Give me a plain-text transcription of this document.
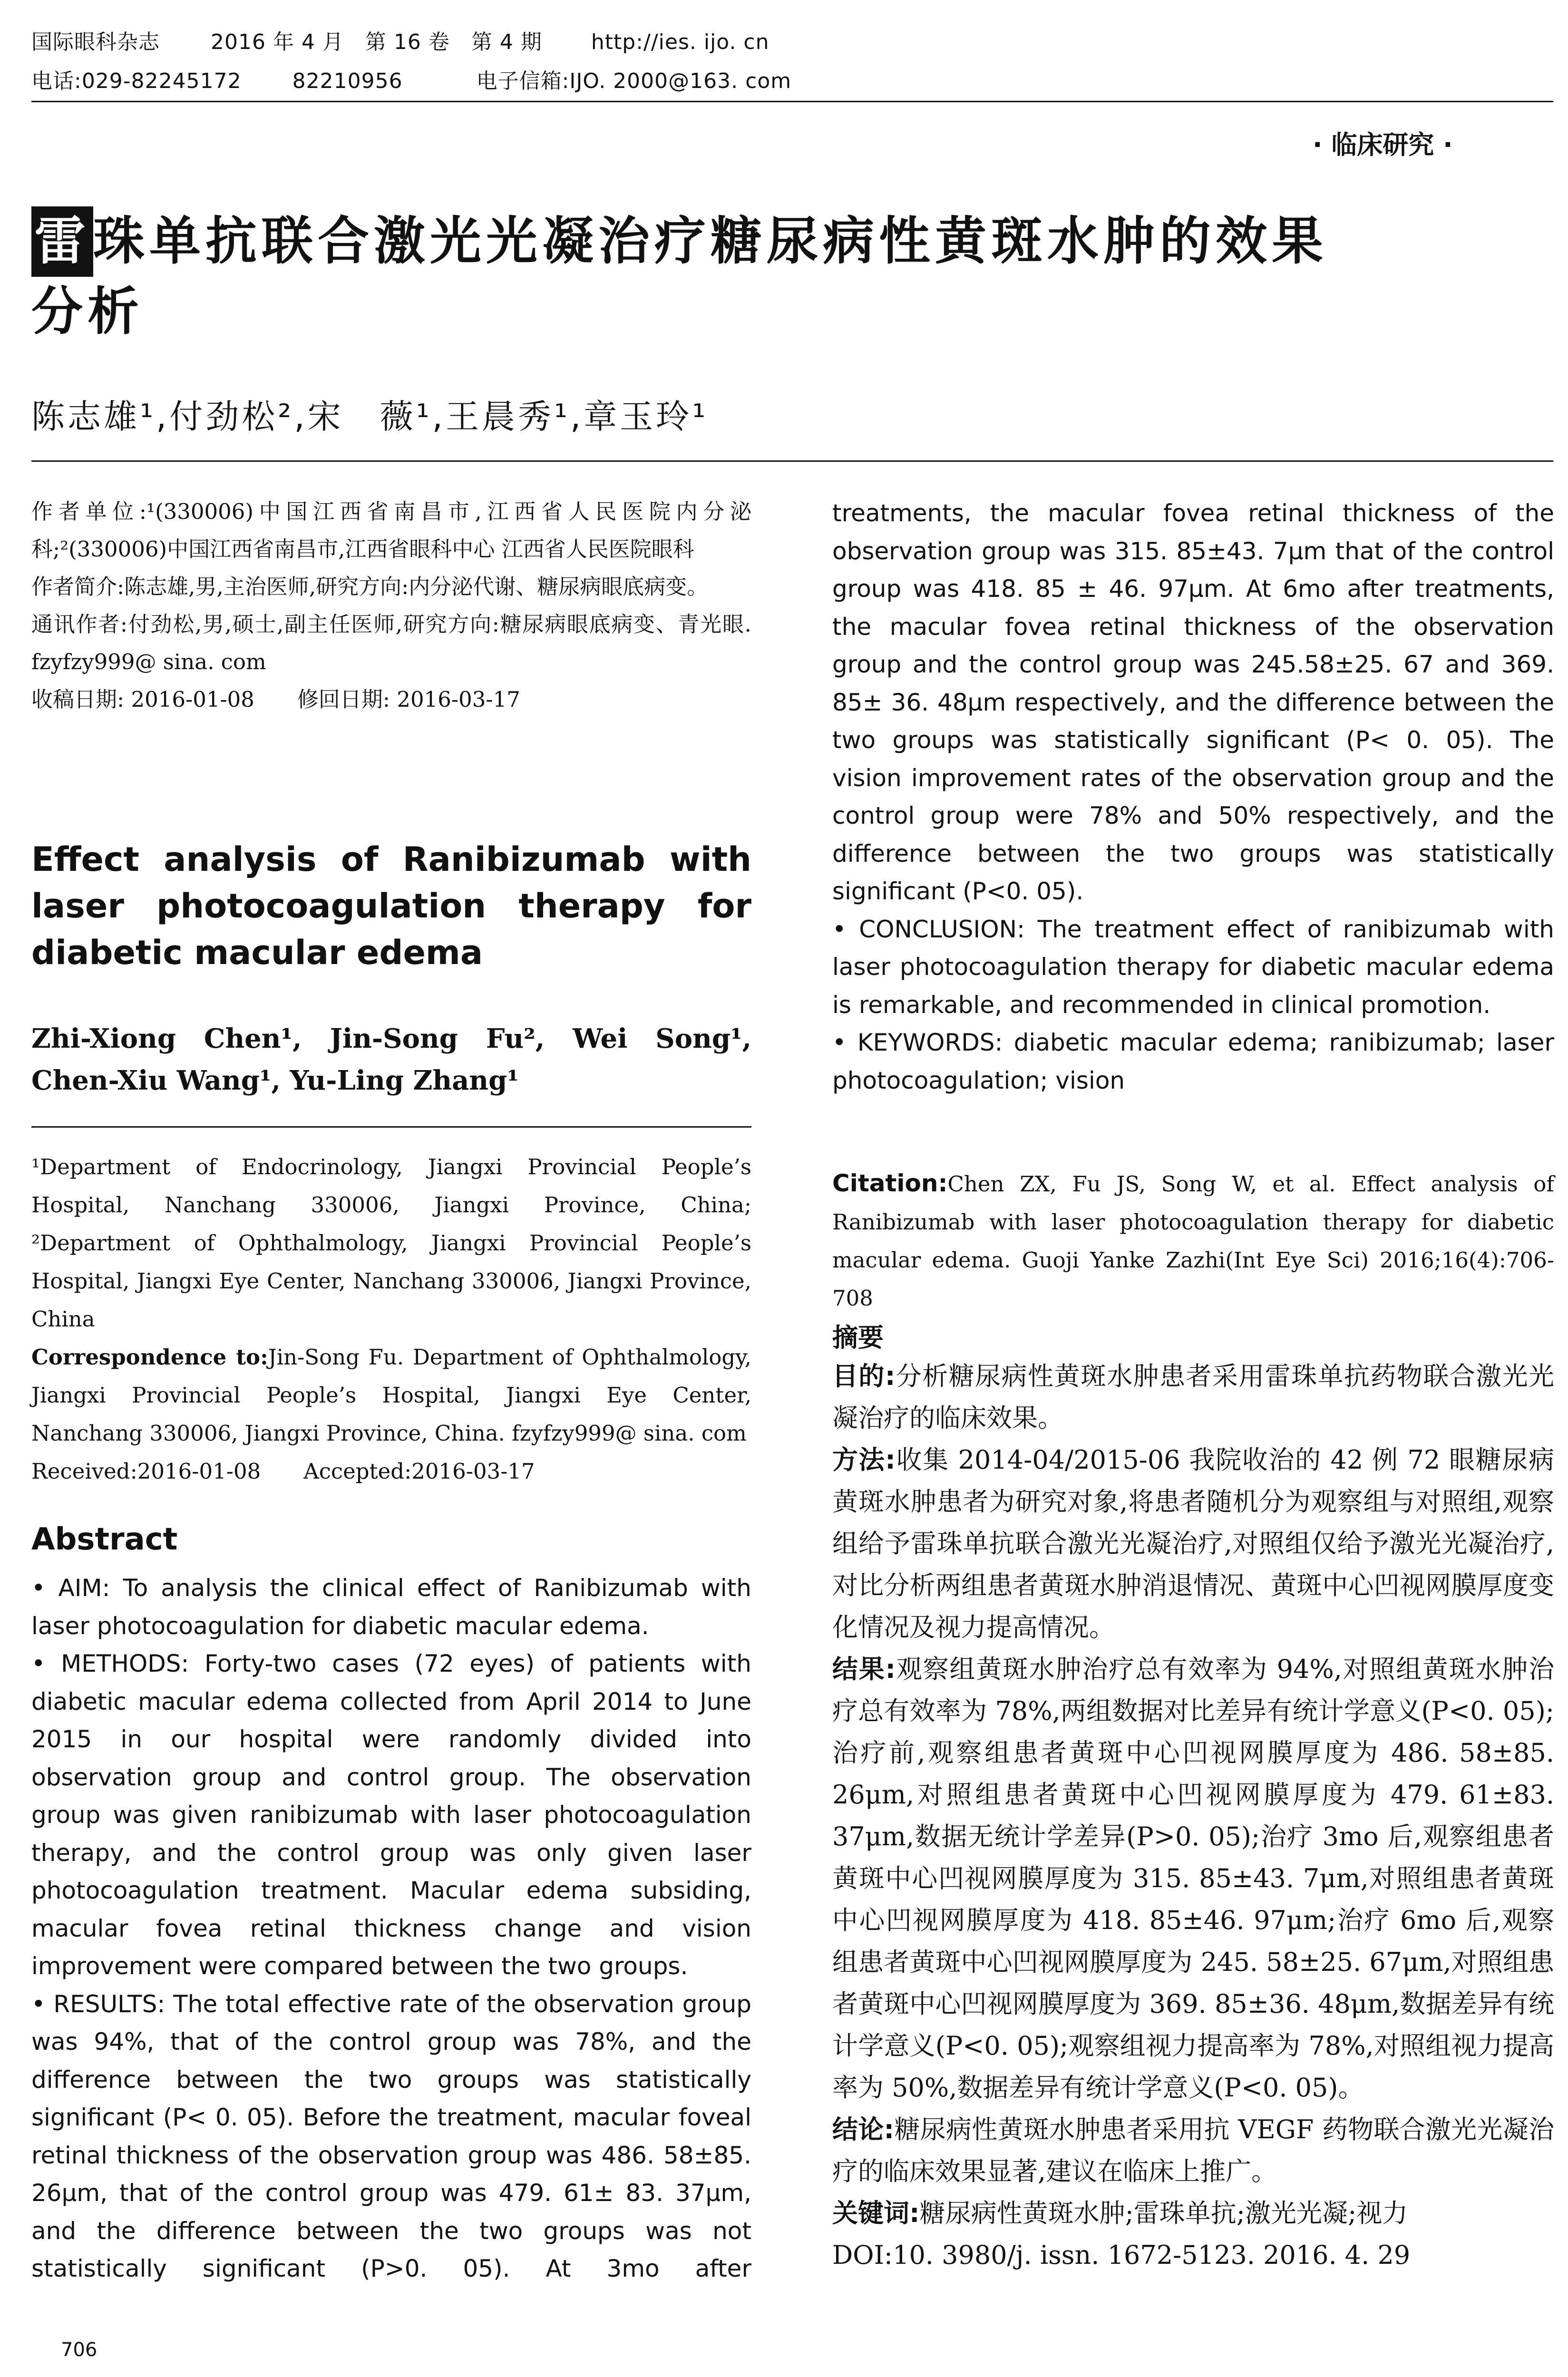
国际眼科杂志 2016 年 4 月　第 16 卷　第 4 期 http://ies. ijo. cn
电话:029-82245172 82210956	电子信箱:IJO. 2000@163. com
· 临床研究 ·
雷珠单抗联合激光光凝治疗糖尿病性黄斑水肿的效果
分析
陈志雄¹,付劲松²,宋　薇¹,王晨秀¹,章玉玲¹

作者单位:¹(330006)中国江西省南昌市,江西省人民医院内分泌科;²(330006)中国江西省南昌市,江西省眼科中心 江西省人民医院眼科

作者简介:陈志雄,男,主治医师,研究方向:内分泌代谢、糖尿病眼底病变。

通讯作者:付劲松,男,硕士,副主任医师,研究方向:糖尿病眼底病变、青光眼. fzyfzy999@ sina. com

收稿日期: 2016-01-08　　修回日期: 2016-03-17

Effect analysis of Ranibizumab with laser photocoagulation therapy for diabetic macular edema
Zhi-Xiong Chen¹, Jin-Song Fu², Wei Song¹, Chen-Xiu Wang¹, Yu-Ling Zhang¹
¹Department of Endocrinology, Jiangxi Provincial People’s Hospital, Nanchang 330006, Jiangxi Province, China; ²Department of Ophthalmology, Jiangxi Provincial People’s Hospital, Jiangxi Eye Center, Nanchang 330006, Jiangxi Province, China
Correspondence to:Jin-Song Fu. Department of Ophthalmology, Jiangxi Provincial People’s Hospital, Jiangxi Eye Center, Nanchang 330006, Jiangxi Province, China. fzyfzy999@ sina. com
Received:2016-01-08　　Accepted:2016-03-17
Abstract

• AIM: To analysis the clinical effect of Ranibizumab with laser photocoagulation for diabetic macular edema.

• METHODS: Forty-two cases (72 eyes) of patients with diabetic macular edema collected from April 2014 to June 2015 in our hospital were randomly divided into observation group and control group. The observation group was given ranibizumab with laser photocoagulation therapy, and the control group was only given laser photocoagulation treatment. Macular edema subsiding, macular fovea retinal thickness change and vision improvement were compared between the two groups.

• RESULTS: The total effective rate of the observation group was 94%, that of the control group was 78%, and the difference between the two groups was statistically significant (P< 0. 05). Before the treatment, macular foveal retinal thickness of the observation group was 486. 58±85. 26μm, that of the control group was 479. 61± 83. 37μm, and the difference between the two groups was not statistically significant (P>0. 05). At 3mo after

706

treatments, the macular fovea retinal thickness of the observation group was 315. 85±43. 7μm that of the control group was 418. 85 ± 46. 97μm. At 6mo after treatments, the macular fovea retinal thickness of the observation group and the control group was 245.58±25. 67 and 369. 85± 36. 48μm respectively, and the difference between the two groups was statistically significant (P< 0. 05). The vision improvement rates of the observation group and the control group were 78% and 50% respectively, and the difference between the two groups was statistically significant (P<0. 05).

• CONCLUSION: The treatment effect of ranibizumab with laser photocoagulation therapy for diabetic macular edema is remarkable, and recommended in clinical promotion.

• KEYWORDS: diabetic macular edema; ranibizumab; laser photocoagulation; vision

Citation:Chen ZX, Fu JS, Song W, et al. Effect analysis of Ranibizumab with laser photocoagulation therapy for diabetic macular edema. Guoji Yanke Zazhi(Int Eye Sci) 2016;16(4):706-708
摘要

目的:分析糖尿病性黄斑水肿患者采用雷珠单抗药物联合激光光凝治疗的临床效果。

方法:收集 2014-04/2015-06 我院收治的 42 例 72 眼糖尿病黄斑水肿患者为研究对象,将患者随机分为观察组与对照组,观察组给予雷珠单抗联合激光光凝治疗,对照组仅给予激光光凝治疗,对比分析两组患者黄斑水肿消退情况、黄斑中心凹视网膜厚度变化情况及视力提高情况。

结果:观察组黄斑水肿治疗总有效率为 94%,对照组黄斑水肿治疗总有效率为 78%,两组数据对比差异有统计学意义(P<0. 05);治疗前,观察组患者黄斑中心凹视网膜厚度为 486. 58±85. 26μm,对照组患者黄斑中心凹视网膜厚度为 479. 61±83. 37μm,数据无统计学差异(P>0. 05);治疗 3mo 后,观察组患者黄斑中心凹视网膜厚度为 315. 85±43. 7μm,对照组患者黄斑中心凹视网膜厚度为 418. 85±46. 97μm;治疗 6mo 后,观察组患者黄斑中心凹视网膜厚度为 245. 58±25. 67μm,对照组患者黄斑中心凹视网膜厚度为 369. 85±36. 48μm,数据差异有统计学意义(P<0. 05);观察组视力提高率为 78%,对照组视力提高率为 50%,数据差异有统计学意义(P<0. 05)。

结论:糖尿病性黄斑水肿患者采用抗 VEGF 药物联合激光光凝治疗的临床效果显著,建议在临床上推广。

关键词:糖尿病性黄斑水肿;雷珠单抗;激光光凝;视力

DOI:10. 3980/j. issn. 1672-5123. 2016. 4. 29
